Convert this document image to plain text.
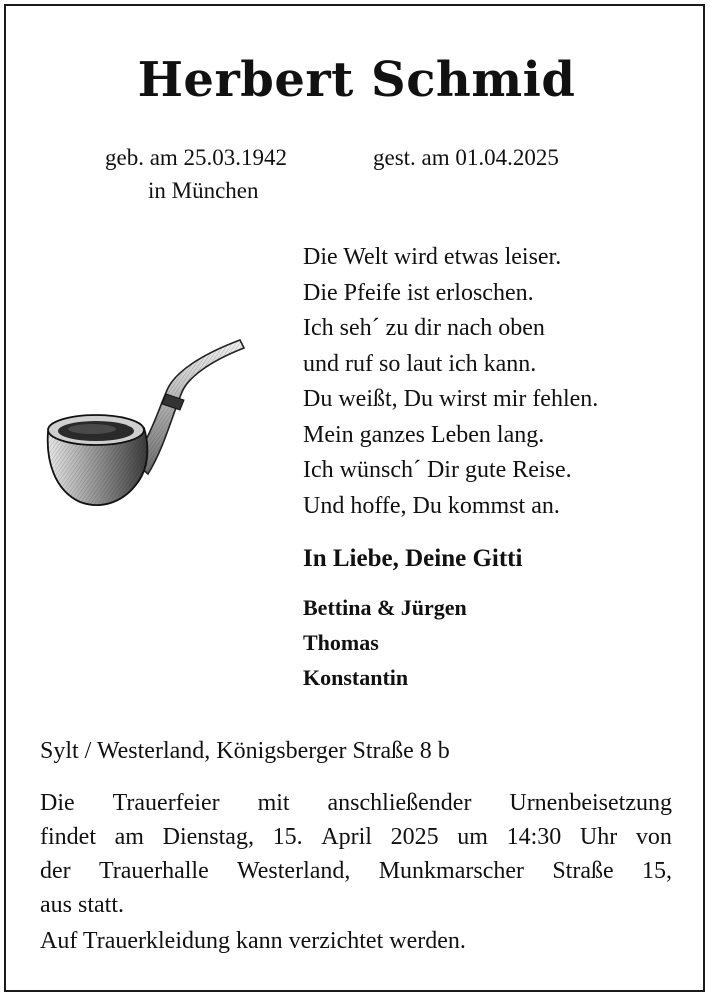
Herbert Schmid
geb. am 25.03.1942
in München
gest. am 01.04.2025
Die Welt wird etwas leiser.
Die Pfeife ist erloschen.
Ich seh´ zu dir nach oben
und ruf so laut ich kann.
Du weißt, Du wirst mir fehlen.
Mein ganzes Leben lang.
Ich wünsch´ Dir gute Reise.
Und hoffe, Du kommst an.
In Liebe, Deine Gitti
Bettina & Jürgen
Thomas
Konstantin
Sylt / Westerland, Königsberger Straße 8 b
Die Trauerfeier mit anschließender Urnenbeisetzung
findet am Dienstag, 15. April 2025 um 14:30 Uhr von
der Trauerhalle Westerland, Munkmarscher Straße 15,
aus statt.
Auf Trauerkleidung kann verzichtet werden.
